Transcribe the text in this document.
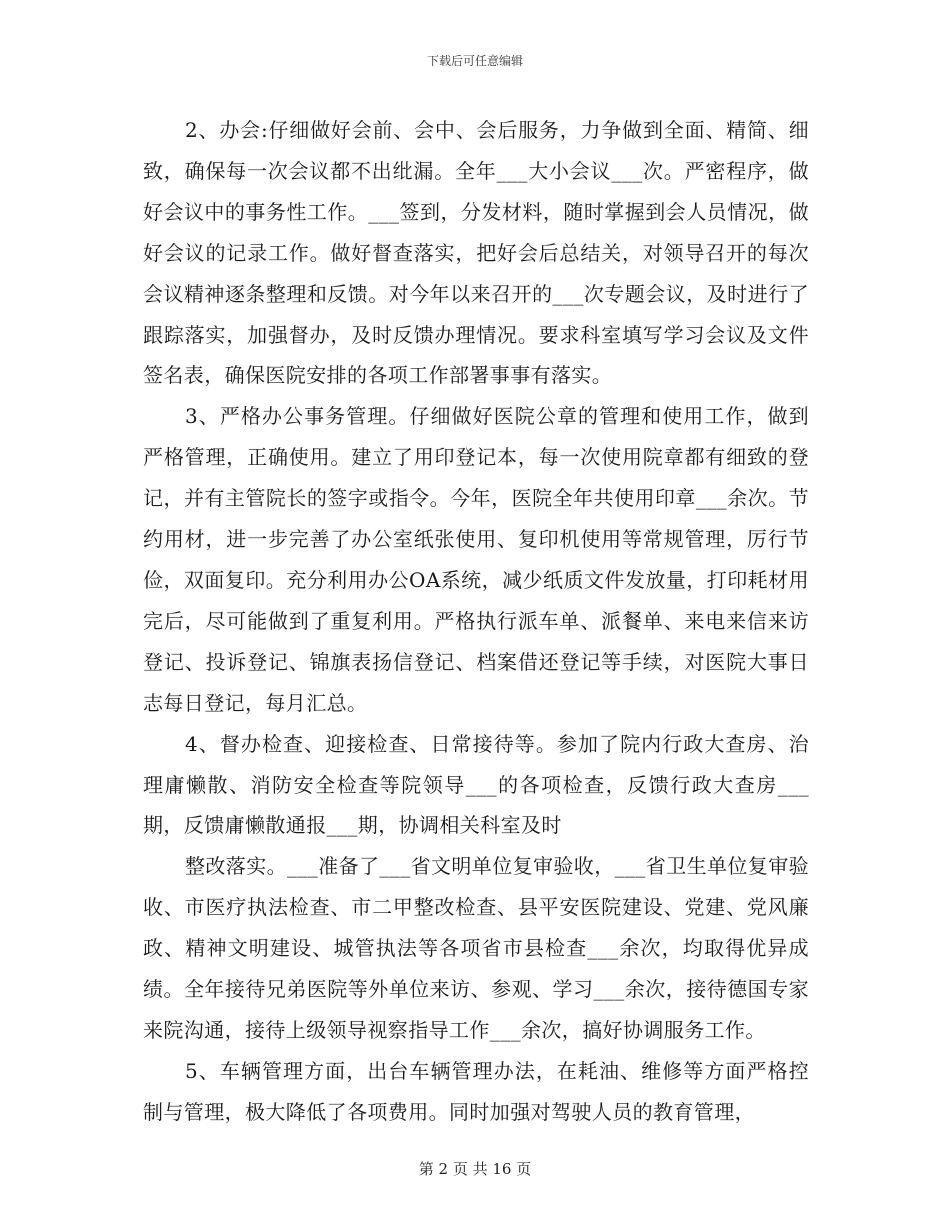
下载后可任意编辑

2、办会:仔细做好会前、会中、会后服务，力争做到全面、精简、细致，确保每一次会议都不出纰漏。全年___大小会议___次。严密程序，做好会议中的事务性工作。___签到，分发材料，随时掌握到会人员情况，做好会议的记录工作。做好督查落实，把好会后总结关，对领导召开的每次会议精神逐条整理和反馈。对今年以来召开的___次专题会议，及时进行了跟踪落实，加强督办，及时反馈办理情况。要求科室填写学习会议及文件签名表，确保医院安排的各项工作部署事事有落实。

3、严格办公事务管理。仔细做好医院公章的管理和使用工作，做到严格管理，正确使用。建立了用印登记本，每一次使用院章都有细致的登记，并有主管院长的签字或指令。今年，医院全年共使用印章___余次。节约用材，进一步完善了办公室纸张使用、复印机使用等常规管理，厉行节俭，双面复印。充分利用办公OA系统，减少纸质文件发放量，打印耗材用完后，尽可能做到了重复利用。严格执行派车单、派餐单、来电来信来访登记、投诉登记、锦旗表扬信登记、档案借还登记等手续，对医院大事日志每日登记，每月汇总。

4、督办检查、迎接检查、日常接待等。参加了院内行政大查房、治理庸懒散、消防安全检查等院领导___的各项检查，反馈行政大查房___期，反馈庸懒散通报___期，协调相关科室及时

整改落实。___准备了___省文明单位复审验收，___省卫生单位复审验收、市医疗执法检查、市二甲整改检查、县平安医院建设、党建、党风廉政、精神文明建设、城管执法等各项省市县检查___余次，均取得优异成绩。全年接待兄弟医院等外单位来访、参观、学习___余次，接待德国专家来院沟通，接待上级领导视察指导工作___余次，搞好协调服务工作。

5、车辆管理方面，出台车辆管理办法，在耗油、维修等方面严格控制与管理，极大降低了各项费用。同时加强对驾驶人员的教育管理，

第 2 页 共 16 页
